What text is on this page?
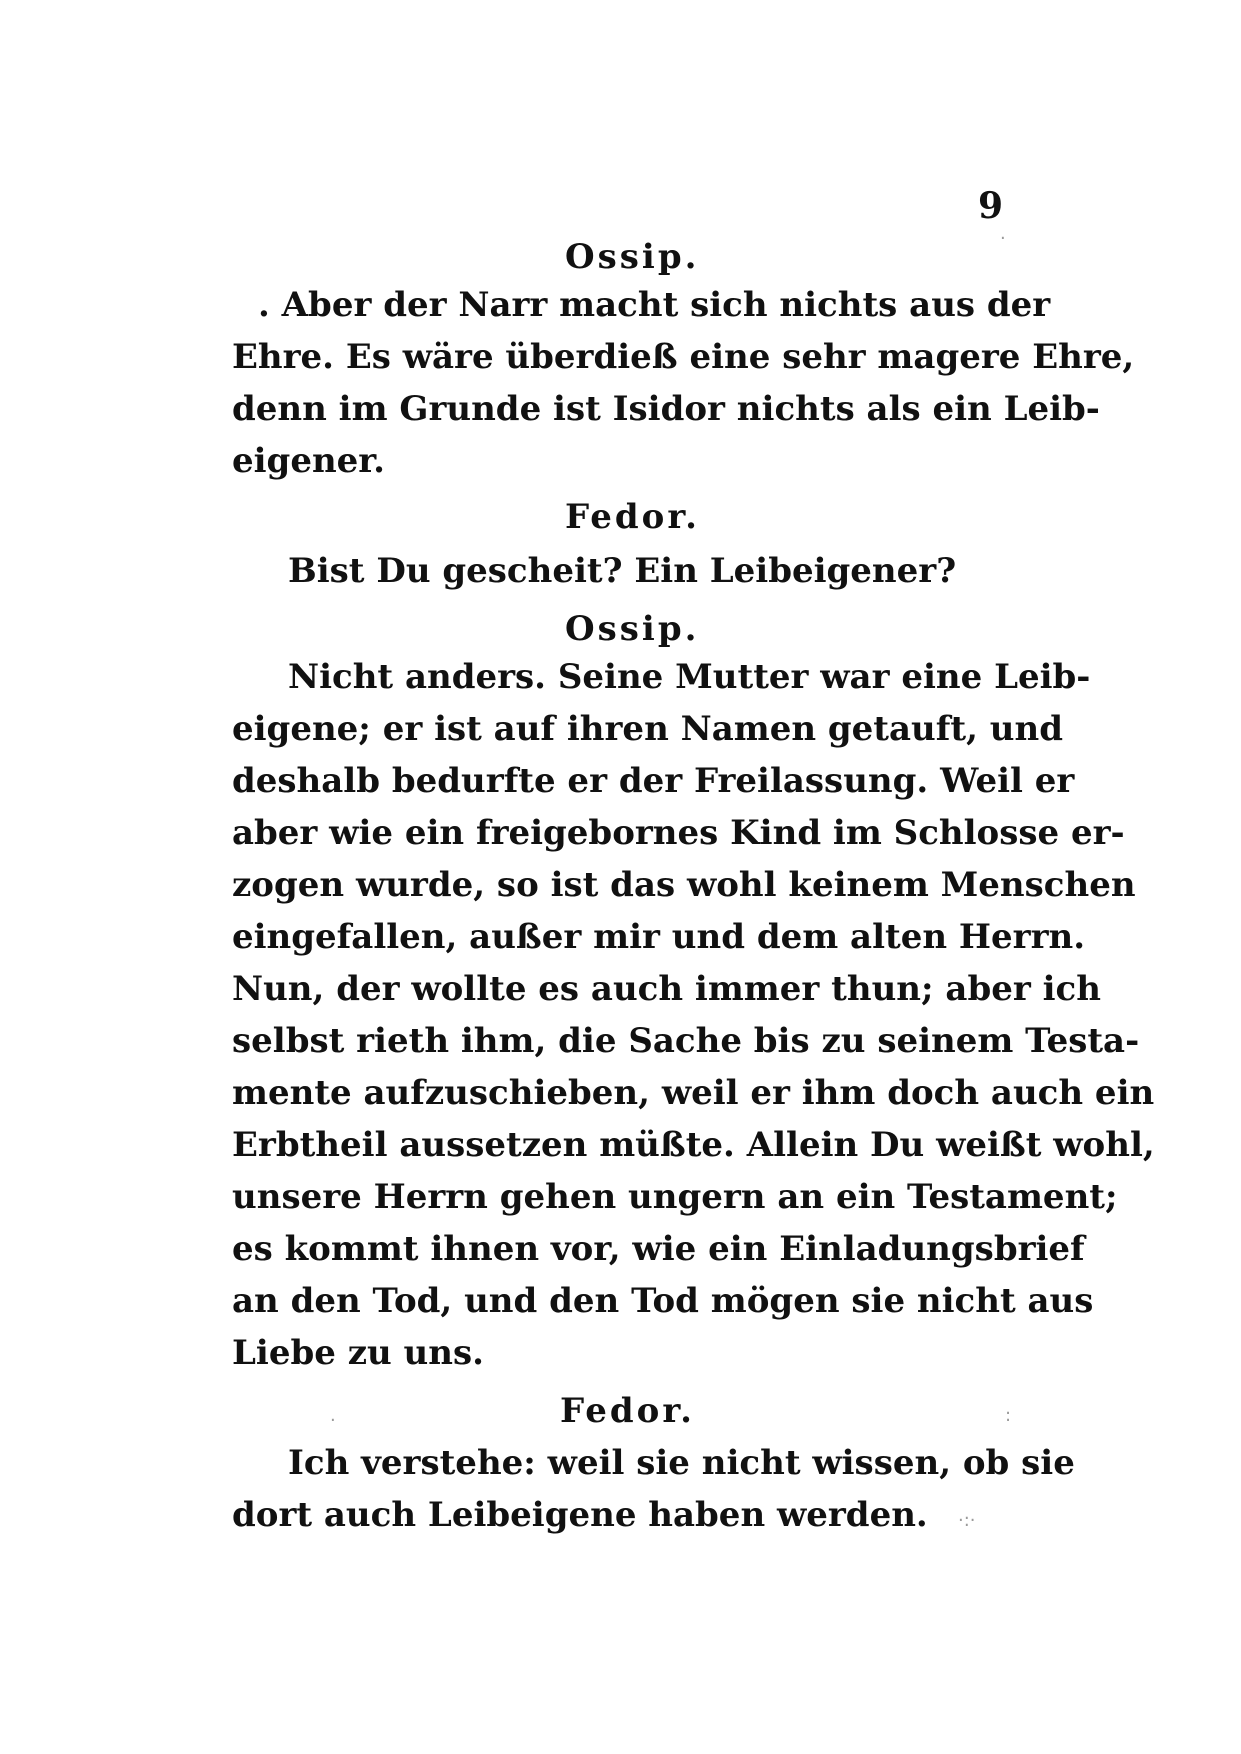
9
Ossip.
. Aber der Narr macht sich nichts aus der
Ehre. Es wäre überdieß eine sehr magere Ehre,
denn im Grunde ist Isidor nichts als ein Leib-
eigener.
Fedor.
Bist Du gescheit? Ein Leibeigener?
Ossip.
Nicht anders. Seine Mutter war eine Leib-
eigene; er ist auf ihren Namen getauft, und
deshalb bedurfte er der Freilassung. Weil er
aber wie ein freigebornes Kind im Schlosse er-
zogen wurde, so ist das wohl keinem Menschen
eingefallen, außer mir und dem alten Herrn.
Nun, der wollte es auch immer thun; aber ich
selbst rieth ihm, die Sache bis zu seinem Testa-
mente aufzuschieben, weil er ihm doch auch ein
Erbtheil aussetzen müßte. Allein Du weißt wohl,
unsere Herrn gehen ungern an ein Testament;
es kommt ihnen vor, wie ein Einladungsbrief
an den Tod, und den Tod mögen sie nicht aus
Liebe zu uns.
Fedor.
Ich verstehe: weil sie nicht wissen, ob sie
dort auch Leibeigene haben werden.
.	:
·:·
·
